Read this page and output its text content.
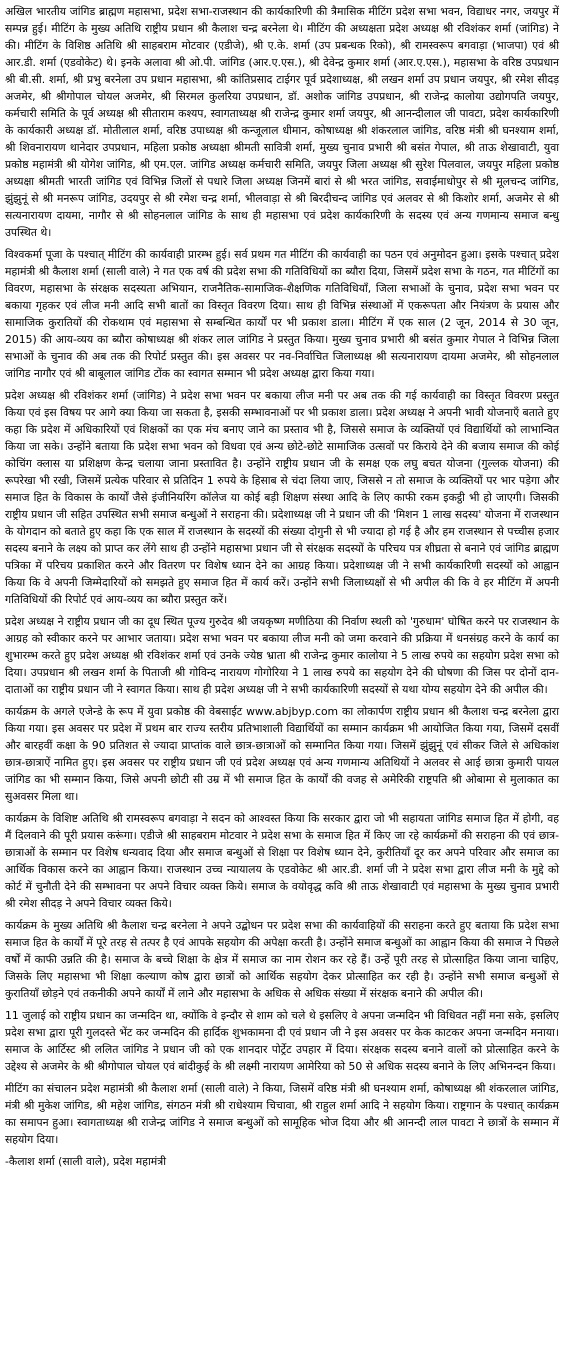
अखिल भारतीय जांगिड ब्राह्मण महासभा, प्रदेश सभा-राजस्थान की कार्यकारिणी की त्रैमासिक मीटिंग प्रदेश सभा भवन, विद्याधर नगर, जयपुर में सम्पन्न हुई। मीटिंग के मुख्य अतिथि राष्ट्रीय प्रधान श्री कैलाश चन्द्र बरनेला थे। मीटिंग की अध्यक्षता प्रदेश अध्यक्ष श्री रविशंकर शर्मा (जांगिड) ने की। मीटिंग के विशिष्ठ अतिथि श्री साहबराम मोटवार (एडीजे), श्री ए.के. शर्मा (उप प्रबन्धक रिको), श्री रामस्वरूप बगवाड़ा (भाजपा) एवं श्री आर.डी. शर्मा (एडवोकेट) थे। इनके अलावा श्री ओ.पी. जांगिड (आर.ए.एस.), श्री देवेन्द्र कुमार शर्मा (आर.ए.एस.), महासभा के वरिष्ठ उपप्रधान श्री बी.सी. शर्मा, श्री प्रभु बरनेला उप प्रधान महासभा, श्री कांतिप्रसाद टाईगर पूर्व प्रदेशाध्यक्ष, श्री लखन शर्मा उप प्रधान जयपुर, श्री रमेश सीदड़ अजमेर, श्री श्रीगोपाल चोयल अजमेर, श्री सिरमल कुलरिया उपप्रधान, डॉ. अशोक जांगिड उपप्रधान, श्री राजेन्द्र कालोया उद्योगपति जयपुर, कर्मचारी समिति के पूर्व अध्यक्ष श्री सीताराम कश्यप, स्वागताध्यक्ष श्री राजेन्द्र कुमार शर्मा जयपुर, श्री आनन्दीलाल जी पावटा, प्रदेश कार्यकारिणी के कार्यकारी अध्यक्ष डॉ. मोतीलाल शर्मा, वरिष्ठ उपाध्यक्ष श्री कन्जूलाल धीमान, कोषाध्यक्ष श्री शंकरलाल जांगिड, वरिष्ठ मंत्री श्री घनश्याम शर्मा, श्री शिवनारायण थानेदार उपप्रधान, महिला प्रकोष्ठ अध्यक्षा श्रीमती सावित्री शर्मा, मुख्य चुनाव प्रभारी श्री बसंत गेपाल, श्री ताऊ शेखावाटी, युवा प्रकोष्ठ महामंत्री श्री योगेश जांगिड, श्री एम.एल. जांगिड अध्यक्ष कर्मचारी समिति, जयपुर जिला अध्यक्ष श्री सुरेश पिलवाल, जयपुर महिला प्रकोष्ठ अध्यक्षा श्रीमती भारती जांगिड एवं विभिन्न जिलों से पधारे जिला अध्यक्ष जिनमें बारां से श्री भरत जांगिड, सवाईमाधोपुर से श्री मूलचन्द जांगिड, झुंझुनूं से श्री मनरूप जांगिड, उदयपुर से श्री रमेश चन्द्र शर्मा, भीलवाड़ा से श्री बिरदीचन्द जांगिड एवं अलवर से श्री किशोर शर्मा, अजमेर से श्री सत्यनारायण दायमा, नागौर से श्री सोहनलाल जांगिड के साथ ही महासभा एवं प्रदेश कार्यकारिणी के सदस्य एवं अन्य गणमान्य समाज बन्धु उपस्थित थे।

विश्वकर्मा पूजा के पश्चात् मीटिंग की कार्यवाही प्रारम्भ हुई। सर्व प्रथम गत मीटिंग की कार्यवाही का पठन एवं अनुमोदन हुआ। इसके पश्चात् प्रदेश महामंत्री श्री कैलाश शर्मा (साली वाले) ने गत एक वर्ष की प्रदेश सभा की गतिविधियों का ब्यौरा दिया, जिसमें प्रदेश सभा के गठन, गत मीटिंगों का विवरण, महासभा के संरक्षक सदस्यता अभियान, राजनैतिक-सामाजिक-शैक्षणिक गतिविधियाँ, जिला सभाओं के चुनाव, प्रदेश सभा भवन पर बकाया गृहकर एवं लीज मनी आदि सभी बातों का विस्तृत विवरण दिया। साथ ही विभिन्न संस्थाओं में एकरूपता और नियंत्रण के प्रयास और सामाजिक कुरातियों की रोकथाम एवं महासभा से सम्बन्धित कार्यों पर भी प्रकाश डाला। मीटिंग में एक साल (2 जून, 2014 से 30 जून, 2015) की आय-व्यय का ब्यौरा कोषाध्यक्ष श्री शंकर लाल जांगिड ने प्रस्तुत किया। मुख्य चुनाव प्रभारी श्री बसंत कुमार गेपाल ने विभिन्न जिला सभाओं के चुनाव की अब तक की रिपोर्ट प्रस्तुत की। इस अवसर पर नव-निर्वाचित जिलाध्यक्ष श्री सत्यनारायण दायमा अजमेर, श्री सोहनलाल जांगिड नागौर एवं श्री बाबूलाल जांगिड टोंक का स्वागत सम्मान भी प्रदेश अध्यक्ष द्वारा किया गया।

प्रदेश अध्यक्ष श्री रविशंकर शर्मा (जांगिड) ने प्रदेश सभा भवन पर बकाया लीज मनी पर अब तक की गई कार्यवाही का विस्तृत विवरण प्रस्तुत किया एवं इस विषय पर आगे क्या किया जा सकता है, इसकी सम्भावनाओं पर भी प्रकाश डाला। प्रदेश अध्यक्ष ने अपनी भावी योजनाएँ बताते हुए कहा कि प्रदेश में अधिकारियों एवं शिक्षकों का एक मंच बनाए जाने का प्रस्ताव भी है, जिससे समाज के व्यक्तियों एवं विद्यार्थियों को लाभान्वित किया जा सके। उन्होंने बताया कि प्रदेश सभा भवन को विधवा एवं अन्य छोटे-छोटे सामाजिक उत्सवों पर किराये देने की बजाय समाज की कोई कोचिंग क्लास या प्रशिक्षण केन्द्र चलाया जाना प्रस्तावित है। उन्होंने राष्ट्रीय प्रधान जी के समक्ष एक लघु बचत योजना (गुल्लक योजना) की रूपरेखा भी रखी, जिसमें प्रत्येक परिवार से प्रतिदिन 1 रुपये के हिसाब से चंदा लिया जाए, जिससे न तो समाज के व्यक्तियों पर भार पड़ेगा और समाज हित के विकास के कार्यों जैसे इंजीनियरिंग कॉलेज या कोई बड़ी शिक्षण संस्था आदि के लिए काफी रकम इकट्ठी भी हो जाएगी। जिसकी राष्ट्रीय प्रधान जी सहित उपस्थित सभी समाज बन्धुओं ने सराहना की। प्रदेशाध्यक्ष जी ने प्रधान जी की 'मिशन 1 लाख सदस्य' योजना में राजस्थान के योगदान को बताते हुए कहा कि एक साल में राजस्थान के सदस्यों की संख्या दोगुनी से भी ज्यादा हो गई है और हम राजस्थान से पच्चीस हजार सदस्य बनाने के लक्ष्य को प्राप्त कर लेंगे साथ ही उन्होंने महासभा प्रधान जी से संरक्षक सदस्यों के परिचय पत्र शीघ्रता से बनाने एवं जांगिड ब्राह्मण पत्रिका में परिचय प्रकाशित करने और वितरण पर विशेष ध्यान देने का आग्रह किया। प्रदेशाध्यक्ष जी ने सभी कार्यकारिणी सदस्यों को आह्वान किया कि वे अपनी जिम्मेदारियों को समझते हुए समाज हित में कार्य करें। उन्होंने सभी जिलाध्यक्षों से भी अपील की कि वे हर मीटिंग में अपनी गतिविधियों की रिपोर्ट एवं आय-व्यय का ब्यौरा प्रस्तुत करें।

प्रदेश अध्यक्ष ने राष्ट्रीय प्रधान जी का दूध स्थित पूज्य गुरुदेव श्री जयकृष्ण मणीठिया की निर्वाण स्थली को 'गुरुधाम' घोषित करने पर राजस्थान के आग्रह को स्वीकार करने पर आभार जताया। प्रदेश सभा भवन पर बकाया लीज मनी को जमा करवाने की प्रक्रिया में धनसंग्रह करने के कार्य का शुभारम्भ करते हुए प्रदेश अध्यक्ष श्री रविशंकर शर्मा एवं उनके ज्येष्ठ भ्राता श्री राजेन्द्र कुमार कालोया ने 5 लाख रुपये का सहयोग प्रदेश सभा को दिया। उपप्रधान श्री लखन शर्मा के पिताजी श्री गोविन्द नारायण गोगोरिया ने 1 लाख रुपये का सहयोग देने की घोषणा की जिस पर दोनों दान-दाताओं का राष्ट्रीय प्रधान जी ने स्वागत किया। साथ ही प्रदेश अध्यक्ष जी ने सभी कार्यकारिणी सदस्यों से यथा योग्य सहयोग देने की अपील की।

कार्यक्रम के अगले एजेन्डे के रूप में युवा प्रकोष्ठ की वेबसाईट www.abjbyp.com का लोकार्पण राष्ट्रीय प्रधान श्री कैलाश चन्द्र बरनेला द्वारा किया गया। इस अवसर पर प्रदेश में प्रथम बार राज्य स्तरीय प्रतिभाशाली विद्यार्थियों का सम्मान कार्यक्रम भी आयोजित किया गया, जिसमें दसवीं और बारहवीं कक्षा के 90 प्रतिशत से ज्यादा प्राप्तांक वाले छात्र-छात्राओं को सम्मानित किया गया। जिसमें झुंझुनूं एवं सीकर जिले से अधिकांश छात्र-छात्राऐं नामित हुए। इस अवसर पर राष्ट्रीय प्रधान जी एवं प्रदेश अध्यक्ष एवं अन्य गणमान्य अतिथियों ने अलवर से आई छात्रा कुमारी पायल जांगिड का भी सम्मान किया, जिसे अपनी छोटी सी उम्र में भी समाज हित के कार्यों की वजह से अमेरिकी राष्ट्रपति श्री ओबामा से मुलाकात का सुअवसर मिला था।

कार्यक्रम के विशिष्ट अतिथि श्री रामस्वरूप बगवाड़ा ने सदन को आश्वस्त किया कि सरकार द्वारा जो भी सहायता जांगिड समाज हित में होगी, वह मैं दिलवाने की पूरी प्रयास करूंगा। एडीजे श्री साहबराम मोटवार ने प्रदेश सभा के समाज हित में किए जा रहे कार्यक्रमों की सराहना की एवं छात्र-छात्राओं के सम्मान पर विशेष धन्यवाद दिया और समाज बन्धुओं से शिक्षा पर विशेष ध्यान देने, कुरीतियाँ दूर कर अपने परिवार और समाज का आर्थिक विकास करने का आह्वान किया। राजस्थान उच्च न्यायालय के एडवोकेट श्री आर.डी. शर्मा जी ने प्रदेश सभा द्वारा लीज मनी के मुद्दे को कोर्ट में चुनौती देने की सम्भावना पर अपने विचार व्यक्त किये। समाज के वयोवृद्ध कवि श्री ताऊ शेखावाटी एवं महासभा के मुख्य चुनाव प्रभारी श्री रमेश सीदड़ ने अपने विचार व्यक्त किये।

कार्यक्रम के मुख्य अतिथि श्री कैलाश चन्द्र बरनेला ने अपने उद्बोधन पर प्रदेश सभा की कार्यवाहियों की सराहना करते हुए बताया कि प्रदेश सभा समाज हित के कार्यों में पूरे तरह से तत्पर है एवं आपके सहयोग की अपेक्षा करती है। उन्होंने समाज बन्धुओं का आह्वान किया की समाज ने पिछले वर्षों में काफी उन्नति की है। समाज के बच्चे शिक्षा के क्षेत्र में समाज का नाम रोशन कर रहे हैं। उन्हें पूरी तरह से प्रोत्साहित किया जाना चाहिए, जिसके लिए महासभा भी शिक्षा कल्याण कोष द्वारा छात्रों को आर्थिक सहयोग देकर प्रोत्साहित कर रही है। उन्होंने सभी समाज बन्धुओं से कुरातियाँ छोड़ने एवं तकनीकी अपने कार्यों में लाने और महासभा के अधिक से अधिक संख्या में संरक्षक बनाने की अपील की।

11 जुलाई को राष्ट्रीय प्रधान का जन्मदिन था, क्योंकि वे इन्दौर से शाम को चले थे इसलिए वे अपना जन्मदिन भी विधिवत नहीं मना सके, इसलिए प्रदेश सभा द्वारा पूरी गुलदस्ते भेंट कर जन्मदिन की हार्दिक शुभकामना दी एवं प्रधान जी ने इस अवसर पर केक काटकर अपना जन्मदिन मनाया। समाज के आर्टिस्ट श्री ललित जांगिड ने प्रधान जी को एक शानदार पोर्ट्रेट उपहार में दिया। संरक्षक सदस्य बनाने वालों को प्रोत्साहित करने के उद्देश्य से अजमेर के श्री श्रीगोपाल चोयल एवं बांदीकुई के श्री लक्ष्मी नारायण आमेरिया को 50 से अधिक सदस्य बनाने के लिए अभिनन्दन किया।

मीटिंग का संचालन प्रदेश महामंत्री श्री कैलाश शर्मा (साली वाले) ने किया, जिसमें वरिष्ठ मंत्री श्री घनश्याम शर्मा, कोषाध्यक्ष श्री शंकरलाल जांगिड, मंत्री श्री मुकेश जांगिड, श्री महेश जांगिड, संगठन मंत्री श्री राधेश्याम चिचावा, श्री राहुल शर्मा आदि ने सहयोग किया। राष्ट्रगान के पश्चात् कार्यक्रम का समापन हुआ। स्वागताध्यक्ष श्री राजेन्द्र जांगिड ने समाज बन्धुओं को सामूहिक भोज दिया और श्री आनन्दी लाल पावटा ने छात्रों के सम्मान में सहयोग दिया।

-कैलाश शर्मा (साली वाले), प्रदेश महामंत्री
